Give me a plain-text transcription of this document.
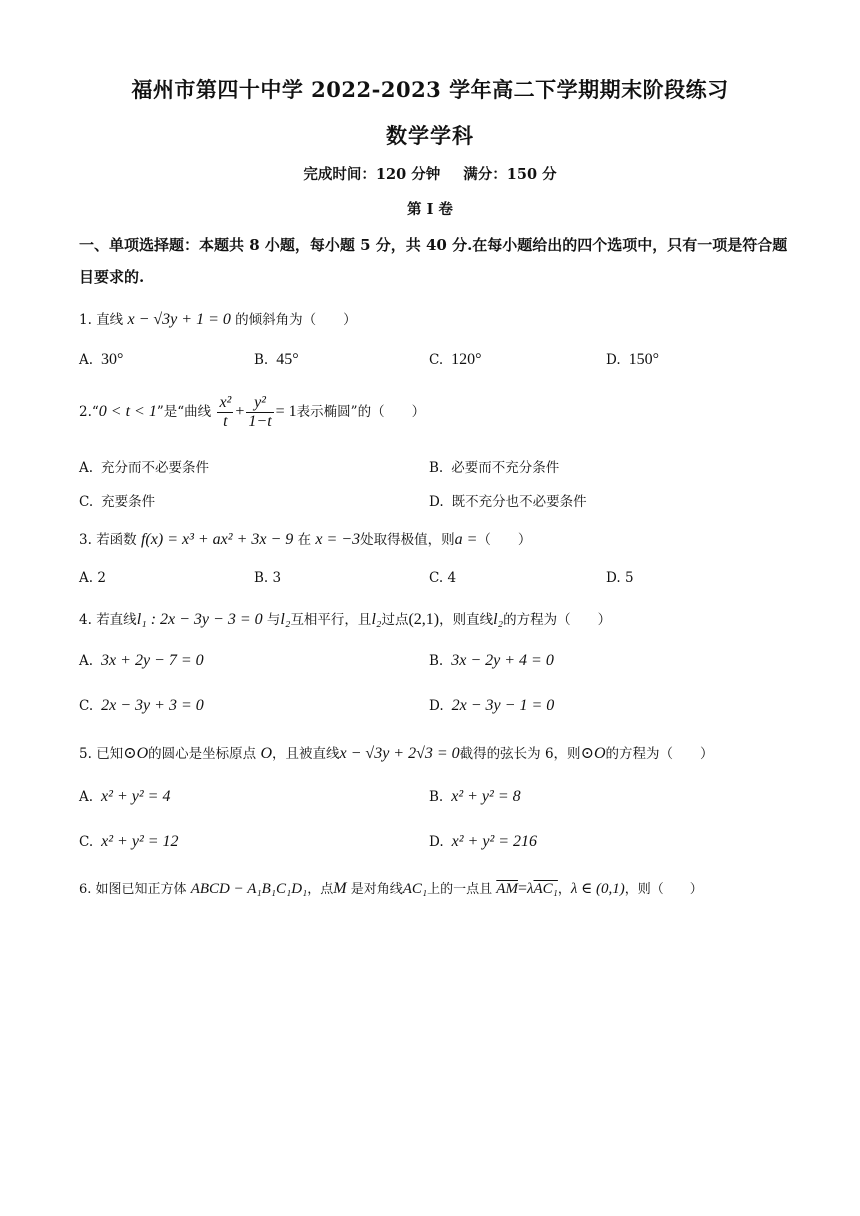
福州市第四十中学 2022-2023 学年高二下学期期末阶段练习
数学学科
完成时间：120 分钟 满分：150 分
第 I 卷
一、单项选择题：本题共 8 小题，每小题 5 分，共 40 分.在每小题给出的四个选项中，只有一项是符合题目要求的.
1. 直线 x − √3y + 1 = 0 的倾斜角为（　　）
A. 30°	B. 45°	C. 120°	D. 150°
2.“0 < t < 1”是“曲线 $\frac{\text{x²}}{t} + \frac{\text{y²}}{1-t} = 1$表示椭圆”的（　　）
A. 充分而不必要条件	B. 必要而不充分条件
C. 充要条件	D. 既不充分也不必要条件
3. 若函数 f(x) = x³ + ax² + 3x − 9 在 x = −3处取得极值，则a =（　　）
A. 2	B. 3	C. 4	D. 5
4. 若直线l₁ : 2x − 3y − 3 = 0 与l₂互相平行，且l₂过点(2,1)，则直线l₂的方程为（　　）
A. 3x + 2y − 7 = 0	B. 3x − 2y + 4 = 0
C. 2x − 3y + 3 = 0	D. 2x − 3y − 1 = 0
5. 已知⊙O的圆心是坐标原点 O，且被直线x − √3y + 2√3 = 0截得的弦长为 6，则⊙O的方程为（　　）
A. x² + y² = 4	B. x² + y² = 8
C. x² + y² = 12	D. x² + y² = 216
6. 如图已知正方体 ABCD − A₁B₁C₁D₁，点M 是对角线AC₁上的一点且 $\overline{AM}=\lambda AC_1$，λ ∈ (0,1)，则（　　）
